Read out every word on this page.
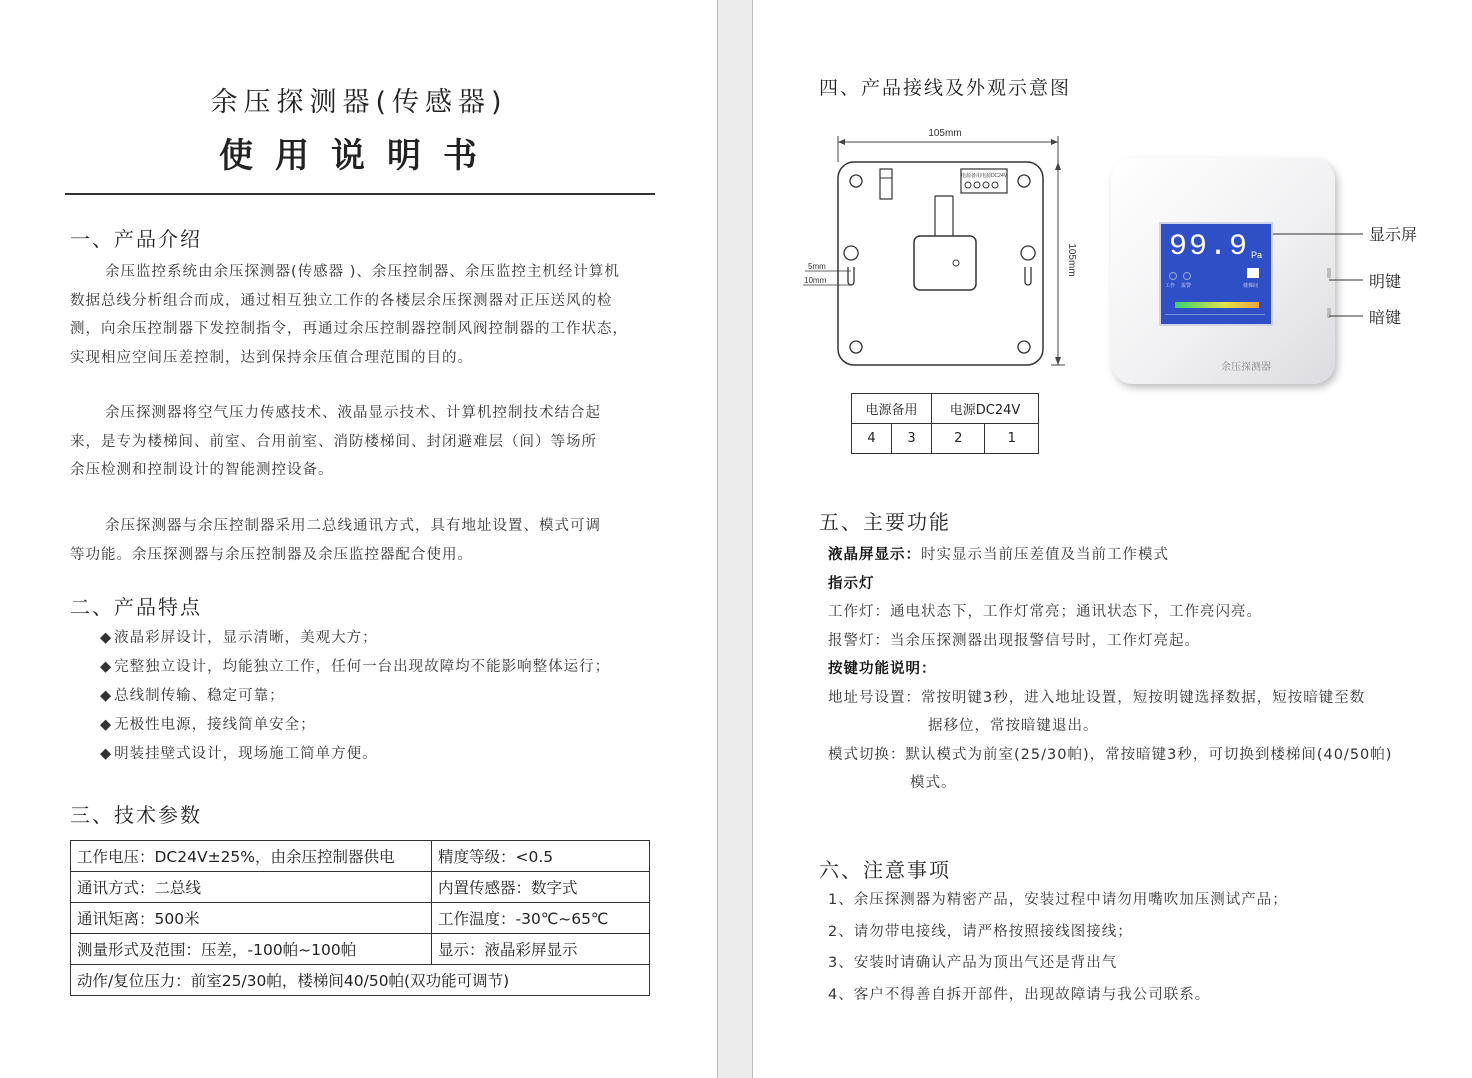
余压探测器(传感器)
使用说明书
一、产品介绍
余压监控系统由余压探测器(传感器 )、余压控制器、余压监控主机经计算机
数据总线分析组合而成，通过相互独立工作的各楼层余压探测器对正压送风的检
测，向余压控制器下发控制指令，再通过余压控制器控制风阀控制器的工作状态，
实现相应空间压差控制，达到保持余压值合理范围的目的。
余压探测器将空气压力传感技术、液晶显示技术、计算机控制技术结合起
来，是专为楼梯间、前室、合用前室、消防楼梯间、封闭避难层（间）等场所
余压检测和控制设计的智能测控设备。
余压探测器与余压控制器采用二总线通讯方式，具有地址设置、模式可调
等功能。余压探测器与余压控制器及余压监控器配合使用。
二、产品特点
◆ 液晶彩屏设计，显示清晰，美观大方；
◆ 完整独立设计，均能独立工作，任何一台出现故障均不能影响整体运行；
◆ 总线制传输、稳定可靠；
◆ 无极性电源，接线简单安全；
◆ 明装挂壁式设计，现场施工简单方便。
三、技术参数
工作电压：DC24V±25%，由余压控制器供电	精度等级：<0.5
通讯方式：二总线	内置传感器：数字式
通讯矩离：500米	工作温度：-30℃~65℃
测量形式及范围：压差，-100帕~100帕	显示：液晶彩屏显示
动作/复位压力：前室25/30帕，楼梯间40/50帕(双功能可调节)	
四、产品接线及外观示意图
105mm
105mm
电源备用电源DC24V
5mm
10mm
电源备用		电源DC24V	
4	3	2	1
99.9 Pa
工作 报警	楼梯间
余压探测器
显示屏
明键
暗键
五、主要功能
液晶屏显示：时实显示当前压差值及当前工作模式
指示灯
工作灯：通电状态下，工作灯常亮；通讯状态下，工作亮闪亮。
报警灯：当余压探测器出现报警信号时，工作灯亮起。
按键功能说明：
地址号设置：常按明键3秒，进入地址设置，短按明键选择数据，短按暗键至数
据移位，常按暗键退出。
模式切换：默认模式为前室(25/30帕)，常按暗键3秒，可切换到楼梯间(40/50帕)
模式。
六、注意事项
1、余压探测器为精密产品，安装过程中请勿用嘴吹加压测试产品；
2、请勿带电接线，请严格按照接线图接线；
3、安装时请确认产品为顶出气还是背出气
4、客户不得善自拆开部件，出现故障请与我公司联系。
